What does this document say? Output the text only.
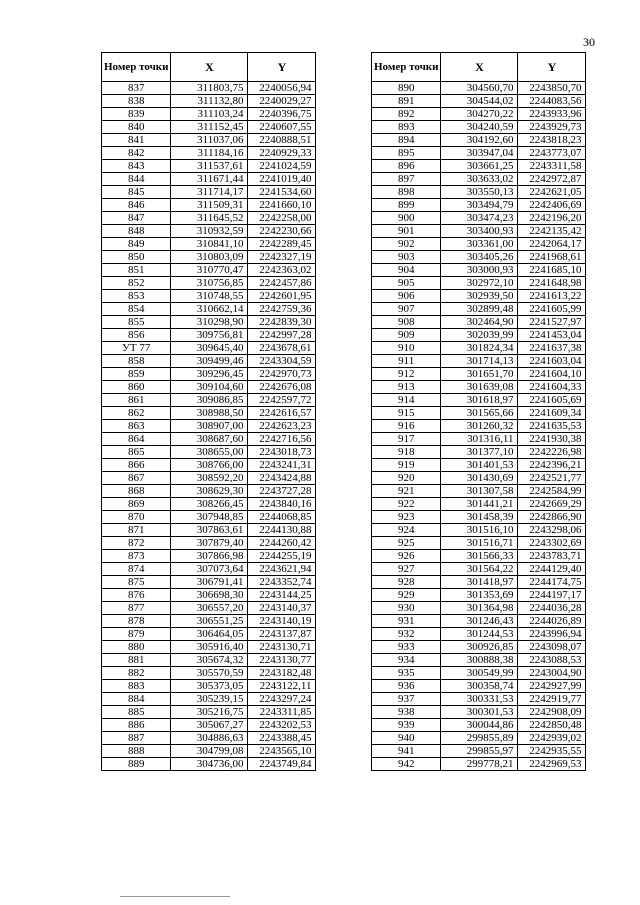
30
Номер точки	X	Y
837	311803,75	2240056,94
838	311132,80	2240029,27
839	311103,24	2240396,75
840	311152,45	2240607,55
841	311037,06	2240888,51
842	311184,16	2240929,33
843	311537,61	2241024,59
844	311671,44	2241019,40
845	311714,17	2241534,60
846	311509,31	2241660,10
847	311645,52	2242258,00
848	310932,59	2242230,66
849	310841,10	2242289,45
850	310803,09	2242327,19
851	310770,47	2242363,02
852	310756,85	2242457,86
853	310748,55	2242601,95
854	310662,14	2242759,36
855	310298,90	2242839,30
856	309756,81	2242997,28
УТ 77	309645,40	2243678,61
858	309499,46	2243304,59
859	309296,45	2242970,73
860	309104,60	2242676,08
861	309086,85	2242597,72
862	308988,50	2242616,57
863	308907,00	2242623,23
864	308687,60	2242716,56
865	308655,00	2243018,73
866	308766,00	2243241,31
867	308592,20	2243424,88
868	308629,30	2243727,28
869	308266,45	2243840,16
870	307948,85	2244068,85
871	307863,61	2244130,88
872	307879,40	2244260,42
873	307866,98	2244255,19
874	307073,64	2243621,94
875	306791,41	2243352,74
876	306698,30	2243144,25
877	306557,20	2243140,37
878	306551,25	2243140,19
879	306464,05	2243137,87
880	305916,40	2243130,71
881	305674,32	2243130,77
882	305570,59	2243182,48
883	305373,05	2243122,11
884	305239,15	2243297,24
885	305216,75	2243311,85
886	305067,27	2243202,53
887	304886,63	2243388,45
888	304799,08	2243565,10
889	304736,00	2243749,84
Номер точки	X	Y
890	304560,70	2243850,70
891	304544,02	2244083,56
892	304270,22	2243933,96
893	304240,59	2243929,73
894	304192,60	2243818,23
895	303947,04	2243773,07
896	303661,25	2243311,58
897	303633,02	2242972,87
898	303550,13	2242621,05
899	303494,79	2242406,69
900	303474,23	2242196,20
901	303400,93	2242135,42
902	303361,00	2242064,17
903	303405,26	2241968,61
904	303000,93	2241685,10
905	302972,10	2241648,98
906	302939,50	2241613,22
907	302899,48	2241605,99
908	302464,90	2241527,97
909	302039,99	2241453,04
910	301824,34	2241637,38
911	301714,13	2241603,04
912	301651,70	2241604,10
913	301639,08	2241604,33
914	301618,97	2241605,69
915	301565,66	2241609,34
916	301260,32	2241635,53
917	301316,11	2241930,38
918	301377,10	2242226,98
919	301401,53	2242396,21
920	301430,69	2242521,77
921	301307,58	2242584,99
922	301441,21	2242669,29
923	301458,39	2242866,90
924	301516,10	2243298,06
925	301516,71	2243302,69
926	301566,33	2243783,71
927	301564,22	2244129,40
928	301418,97	2244174,75
929	301353,69	2244197,17
930	301364,98	2244036,28
931	301246,43	2244026,89
932	301244,53	2243996,94
933	300926,85	2243098,07
934	300888,38	2243088,53
935	300549,99	2243004,90
936	300358,74	2242927,99
937	300331,53	2242919,77
938	300301,53	2242908,09
939	300044,86	2242850,48
940	299855,89	2242939,02
941	299855,97	2242935,55
942	299778,21	2242969,53
